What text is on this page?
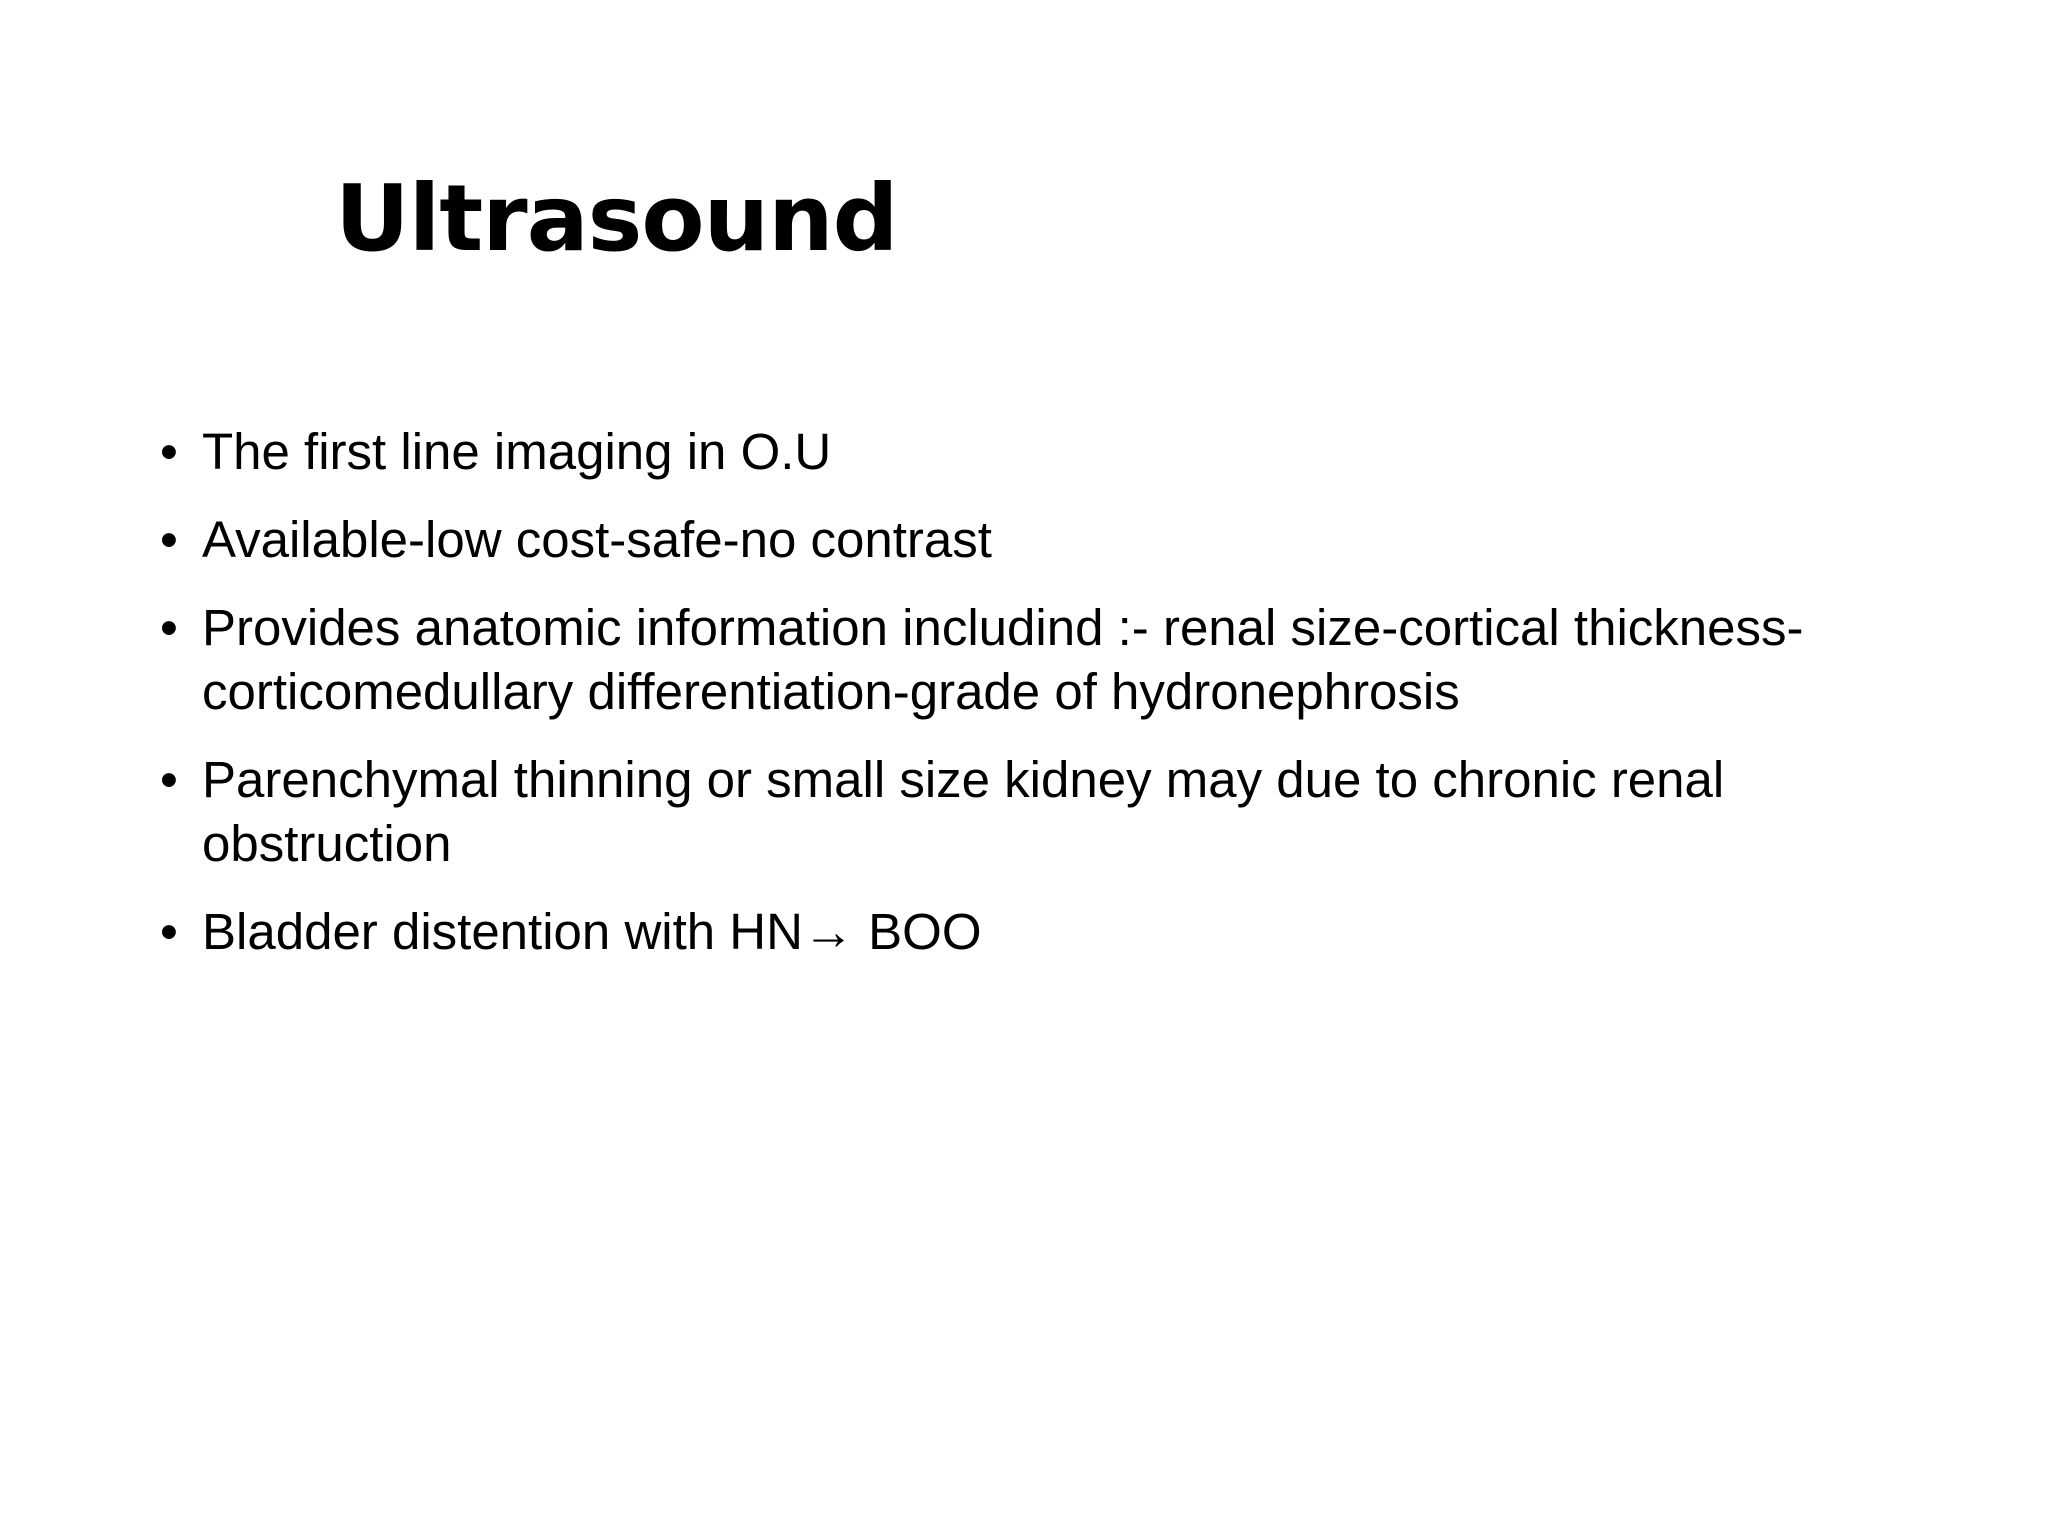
Ultrasound
• The first line imaging in O.U
• Available-low cost-safe-no contrast
• Provides anatomic information includind :- renal size-cortical thickness-corticomedullary differentiation-grade of hydronephrosis
• Parenchymal thinning or small size kidney may due to chronic renal obstruction
• Bladder distention with HN→ BOO
